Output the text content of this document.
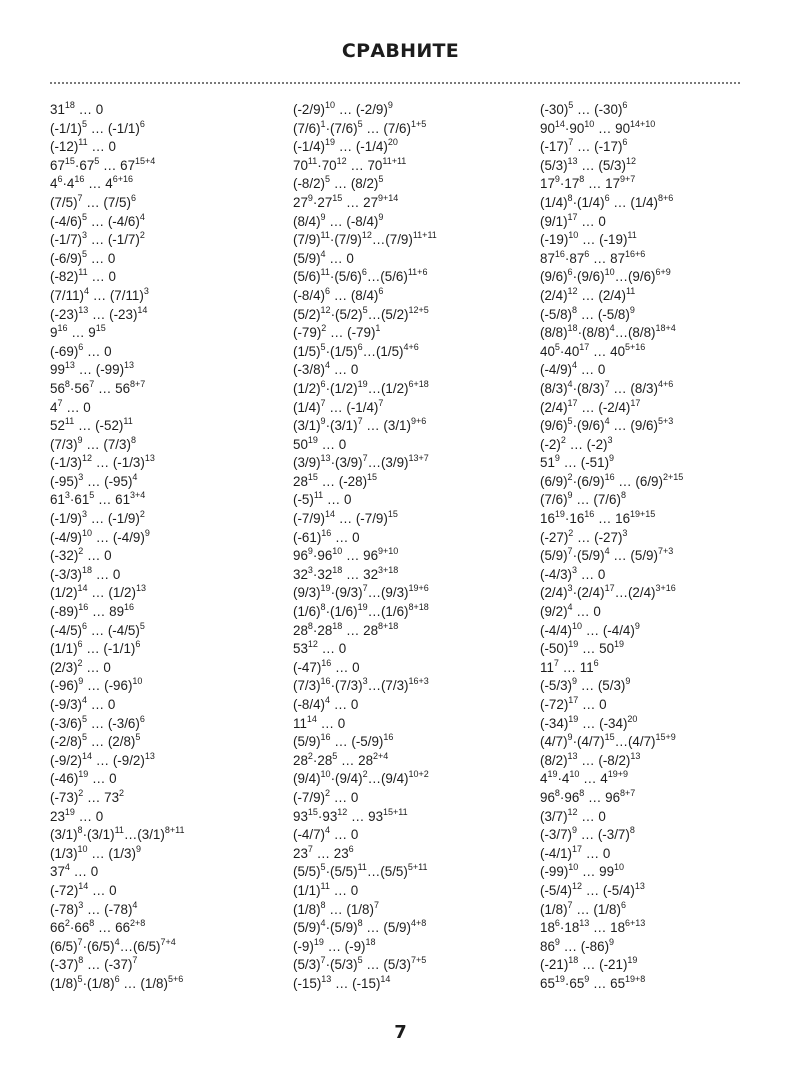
СРАВНИТЕ
$31^{18}$ … 0
$(-1/1)^5$ … $(-1/1)^6$
$(-12)^{11}$ … 0
$67^{15}\cdot 67^5$ … $67^{15+4}$
$4^6\cdot 4^{16}$ … $4^{6+16}$
$(7/5)^7$ … $(7/5)^6$
$(-4/6)^5$ … $(-4/6)^4$
$(-1/7)^3$ … $(-1/7)^2$
$(-6/9)^5$ … 0
$(-82)^{11}$ … 0
$(7/11)^4$ … $(7/11)^3$
$(-23)^{13}$ … $(-23)^{14}$
$9^{16}$ … $9^{15}$
$(-69)^6$ … 0
$99^{13}$ … $(-99)^{13}$
$56^8\cdot 56^7$ … $56^{8+7}$
$4^7$ … 0
$52^{11}$ … $(-52)^{11}$
$(7/3)^9$ … $(7/3)^8$
$(-1/3)^{12}$ … $(-1/3)^{13}$
$(-95)^3$ … $(-95)^4$
$61^3\cdot 61^5$ … $61^{3+4}$
$(-1/9)^3$ … $(-1/9)^2$
$(-4/9)^{10}$ … $(-4/9)^9$
$(-32)^2$ … 0
$(-3/3)^{18}$ … 0
$(1/2)^{14}$ … $(1/2)^{13}$
$(-89)^{16}$ … $89^{16}$
$(-4/5)^6$ … $(-4/5)^5$
$(1/1)^6$ … $(-1/1)^6$
$(2/3)^2$ … 0
$(-96)^9$ … $(-96)^{10}$
$(-9/3)^4$ … 0
$(-3/6)^5$ … $(-3/6)^6$
$(-2/8)^5$ … $(2/8)^5$
$(-9/2)^{14}$ … $(-9/2)^{13}$
$(-46)^{19}$ … 0
$(-73)^2$ … $73^2$
$23^{19}$ … 0
$(3/1)^8\cdot(3/1)^{11}\dots(3/1)^{8+11}$
$(1/3)^{10}$ … $(1/3)^9$
$37^4$ … 0
$(-72)^{14}$ … 0
$(-78)^3$ … $(-78)^4$
$66^2\cdot 66^8$ … $66^{2+8}$
$(6/5)^7\cdot(6/5)^4\dots(6/5)^{7+4}$
$(-37)^8$ … $(-37)^7$
$(1/8)^5\cdot(1/8)^6$ … $(1/8)^{5+6}$
$(-2/9)^{10}$ … $(-2/9)^9$
$(7/6)^1\cdot(7/6)^5$ … $(7/6)^{1+5}$
$(-1/4)^{19}$ … $(-1/4)^{20}$
$70^{11}\cdot 70^{12}$ … $70^{11+11}$
$(-8/2)^5$ … $(8/2)^5$
$27^9\cdot 27^{15}$ … $27^{9+14}$
$(8/4)^9$ … $(-8/4)^9$
$(7/9)^{11}\cdot(7/9)^{12}\dots(7/9)^{11+11}$
$(5/9)^4$ … 0
$(5/6)^{11}\cdot(5/6)^6\dots(5/6)^{11+6}$
$(-8/4)^6$ … $(8/4)^6$
$(5/2)^{12}\cdot(5/2)^5\dots(5/2)^{12+5}$
$(-79)^2$ … $(-79)^1$
$(1/5)^5\cdot(1/5)^6\dots(1/5)^{4+6}$
$(-3/8)^4$ … 0
$(1/2)^6\cdot(1/2)^{19}\dots(1/2)^{6+18}$
$(1/4)^7$ … $(-1/4)^7$
$(3/1)^9\cdot(3/1)^7$ … $(3/1)^{9+6}$
$50^{19}$ … 0
$(3/9)^{13}\cdot(3/9)^7\dots(3/9)^{13+7}$
$28^{15}$ … $(-28)^{15}$
$(-5)^{11}$ … 0
$(-7/9)^{14}$ … $(-7/9)^{15}$
$(-61)^{16}$ … 0
$96^9\cdot 96^{10}$ … $96^{9+10}$
$32^3\cdot 32^{18}$ … $32^{3+18}$
$(9/3)^{19}\cdot(9/3)^7\dots(9/3)^{19+6}$
$(1/6)^8\cdot(1/6)^{19}\dots(1/6)^{8+18}$
$28^8\cdot 28^{18}$ … $28^{8+18}$
$53^{12}$ … 0
$(-47)^{16}$ … 0
$(7/3)^{16}\cdot(7/3)^3\dots(7/3)^{16+3}$
$(-8/4)^4$ … 0
$11^{14}$ … 0
$(5/9)^{16}$ … $(-5/9)^{16}$
$28^2\cdot 28^5$ … $28^{2+4}$
$(9/4)^{10}\cdot(9/4)^2\dots(9/4)^{10+2}$
$(-7/9)^2$ … 0
$93^{15}\cdot 93^{12}$ … $93^{15+11}$
$(-4/7)^4$ … 0
$23^7$ … $23^6$
$(5/5)^5\cdot(5/5)^{11}\dots(5/5)^{5+11}$
$(1/1)^{11}$ … 0
$(1/8)^8$ … $(1/8)^7$
$(5/9)^4\cdot(5/9)^8$ … $(5/9)^{4+8}$
$(-9)^{19}$ … $(-9)^{18}$
$(5/3)^7\cdot(5/3)^5$ … $(5/3)^{7+5}$
$(-15)^{13}$ … $(-15)^{14}$
$(-30)^5$ … $(-30)^6$
$90^{14}\cdot 90^{10}$ … $90^{14+10}$
$(-17)^7$ … $(-17)^6$
$(5/3)^{13}$ … $(5/3)^{12}$
$17^9\cdot 17^8$ … $17^{9+7}$
$(1/4)^8\cdot(1/4)^6$ … $(1/4)^{8+6}$
$(9/1)^{17}$ … 0
$(-19)^{10}$ … $(-19)^{11}$
$87^{16}\cdot 87^6$ … $87^{16+6}$
$(9/6)^6\cdot(9/6)^{10}\dots(9/6)^{6+9}$
$(2/4)^{12}$ … $(2/4)^{11}$
$(-5/8)^8$ … $(-5/8)^9$
$(8/8)^{18}\cdot(8/8)^4\dots(8/8)^{18+4}$
$40^5\cdot 40^{17}$ … $40^{5+16}$
$(-4/9)^4$ … 0
$(8/3)^4\cdot(8/3)^7$ … $(8/3)^{4+6}$
$(2/4)^{17}$ … $(-2/4)^{17}$
$(9/6)^5\cdot(9/6)^4$ … $(9/6)^{5+3}$
$(-2)^2$ … $(-2)^3$
$51^9$ … $(-51)^9$
$(6/9)^2\cdot(6/9)^{16}$ … $(6/9)^{2+15}$
$(7/6)^9$ … $(7/6)^8$
$16^{19}\cdot 16^{16}$ … $16^{19+15}$
$(-27)^2$ … $(-27)^3$
$(5/9)^7\cdot(5/9)^4$ … $(5/9)^{7+3}$
$(-4/3)^3$ … 0
$(2/4)^3\cdot(2/4)^{17}\dots(2/4)^{3+16}$
$(9/2)^4$ … 0
$(-4/4)^{10}$ … $(-4/4)^9$
$(-50)^{19}$ … $50^{19}$
$11^7$ … $11^6$
$(-5/3)^9$ … $(5/3)^9$
$(-72)^{17}$ … 0
$(-34)^{19}$ … $(-34)^{20}$
$(4/7)^9\cdot(4/7)^{15}\dots(4/7)^{15+9}$
$(8/2)^{13}$ … $(-8/2)^{13}$
$4^{19}\cdot 4^{10}$ … $4^{19+9}$
$96^8\cdot 96^8$ … $96^{8+7}$
$(3/7)^{12}$ … 0
$(-3/7)^9$ … $(-3/7)^8$
$(-4/1)^{17}$ … 0
$(-99)^{10}$ … $99^{10}$
$(-5/4)^{12}$ … $(-5/4)^{13}$
$(1/8)^7$ … $(1/8)^6$
$18^6\cdot 18^{13}$ … $18^{6+13}$
$86^9$ … $(-86)^9$
$(-21)^{18}$ … $(-21)^{19}$
$65^{19}\cdot 65^9$ … $65^{19+8}$
7
